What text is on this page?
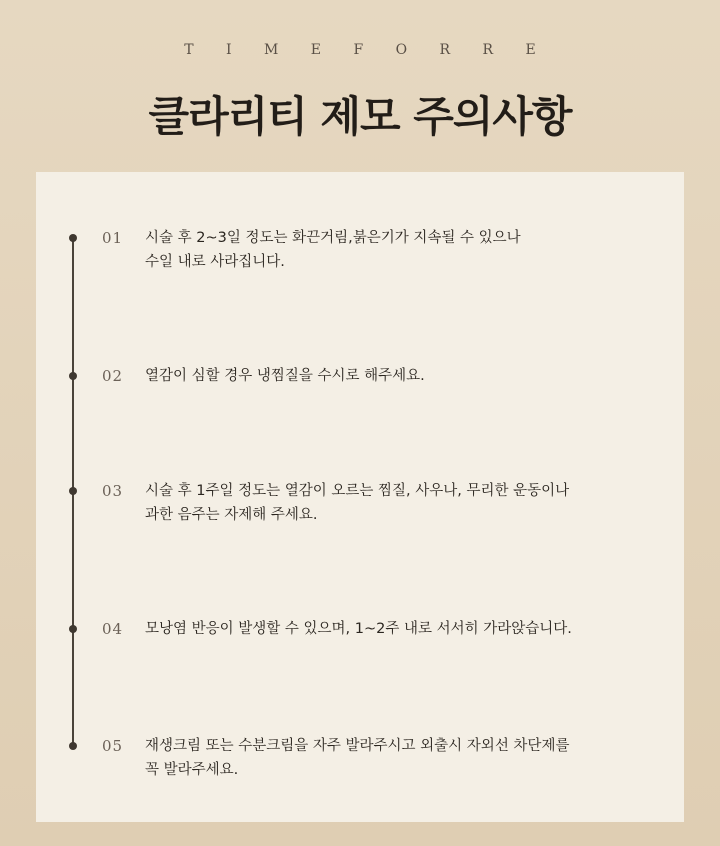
T I M E F O R R E
클라리티 제모 주의사항
01 시술 후 2~3일 정도는 화끈거림,붉은기가 지속될 수 있으나
수일 내로 사라집니다.
02 열감이 심할 경우 냉찜질을 수시로 해주세요.
03 시술 후 1주일 정도는 열감이 오르는 찜질, 사우나, 무리한 운동이나
과한 음주는 자제해 주세요.
04 모낭염 반응이 발생할 수 있으며, 1~2주 내로 서서히 가라앉습니다.
05 재생크림 또는 수분크림을 자주 발라주시고 외출시 자외선 차단제를
꼭 발라주세요.
